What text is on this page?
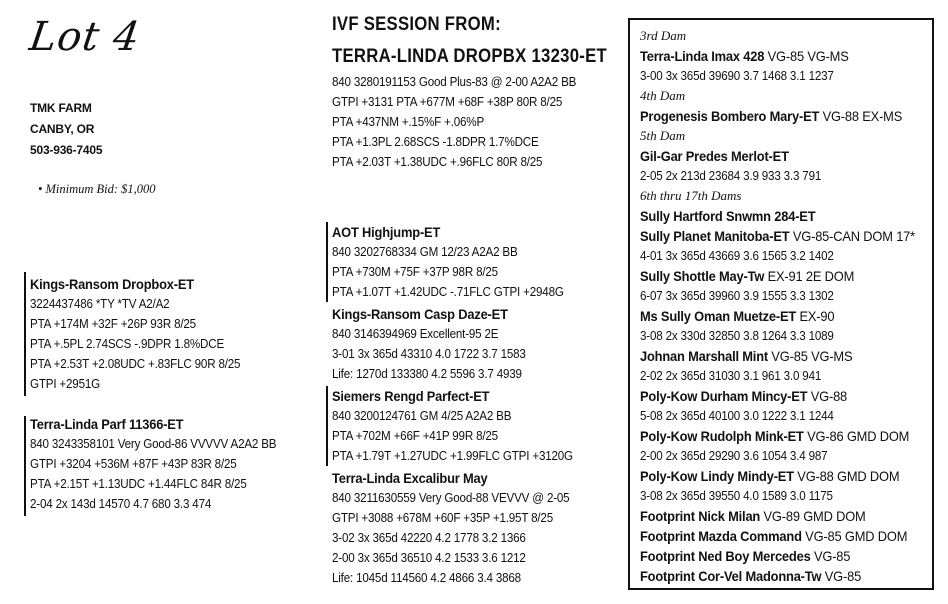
Lot 4
TMK FARM
CANBY, OR
503-936-7405
• Minimum Bid: $1,000
IVF SESSION FROM:
TERRA-LINDA DROPBX 13230-ET
840 3280191153 Good Plus-83 @ 2-00 A2A2 BB
GTPI +3131 PTA +677M +68F +38P 80R 8/25
PTA +437NM +.15%F +.06%P
PTA +1.3PL 2.68SCS -1.8DPR 1.7%DCE
PTA +2.03T +1.38UDC +.96FLC 80R 8/25
Kings-Ransom Dropbox-ET
3224437486 *TY *TV A2/A2
PTA +174M +32F +26P 93R 8/25
PTA +.5PL 2.74SCS -.9DPR 1.8%DCE
PTA +2.53T +2.08UDC +.83FLC 90R 8/25
GTPI +2951G
Terra-Linda Parf 11366-ET
840 3243358101 Very Good-86 VVVVV A2A2 BB
GTPI +3204 +536M +87F +43P 83R 8/25
PTA +2.15T +1.13UDC +1.44FLC 84R 8/25
2-04 2x 143d 14570 4.7 680 3.3 474
AOT Highjump-ET
840 3202768334 GM 12/23 A2A2 BB
PTA +730M +75F +37P 98R 8/25
PTA +1.07T +1.42UDC -.71FLC GTPI +2948G
Kings-Ransom Casp Daze-ET
840 3146394969 Excellent-95 2E
3-01 3x 365d 43310 4.0 1722 3.7 1583
Life: 1270d 133380 4.2 5596 3.7 4939
Siemers Rengd Parfect-ET
840 3200124761 GM 4/25 A2A2 BB
PTA +702M +66F +41P 99R 8/25
PTA +1.79T +1.27UDC +1.99FLC GTPI +3120G
Terra-Linda Excalibur May
840 3211630559 Very Good-88 VEVVV @ 2-05
GTPI +3088 +678M +60F +35P +1.95T 8/25
3-02 3x 365d 42220 4.2 1778 3.2 1366
2-00 3x 365d 36510 4.2 1533 3.6 1212
Life: 1045d 114560 4.2 4866 3.4 3868
3rd Dam
Terra-Linda Imax 428 VG-85 VG-MS
3-00 3x 365d 39690 3.7 1468 3.1 1237
4th Dam
Progenesis Bombero Mary-ET VG-88 EX-MS
5th Dam
Gil-Gar Predes Merlot-ET
2-05 2x 213d 23684 3.9 933 3.3 791
6th thru 17th Dams
Sully Hartford Snwmn 284-ET
Sully Planet Manitoba-ET VG-85-CAN DOM 17*
4-01 3x 365d 43669 3.6 1565 3.2 1402
Sully Shottle May-Tw EX-91 2E DOM
6-07 3x 365d 39960 3.9 1555 3.3 1302
Ms Sully Oman Muetze-ET EX-90
3-08 2x 330d 32850 3.8 1264 3.3 1089
Johnan Marshall Mint VG-85 VG-MS
2-02 2x 365d 31030 3.1 961 3.0 941
Poly-Kow Durham Mincy-ET VG-88
5-08 2x 365d 40100 3.0 1222 3.1 1244
Poly-Kow Rudolph Mink-ET VG-86 GMD DOM
2-00 2x 365d 29290 3.6 1054 3.4 987
Poly-Kow Lindy Mindy-ET VG-88 GMD DOM
3-08 2x 365d 39550 4.0 1589 3.0 1175
Footprint Nick Milan VG-89 GMD DOM
Footprint Mazda Command VG-85 GMD DOM
Footprint Ned Boy Mercedes VG-85
Footprint Cor-Vel Madonna-Tw VG-85
